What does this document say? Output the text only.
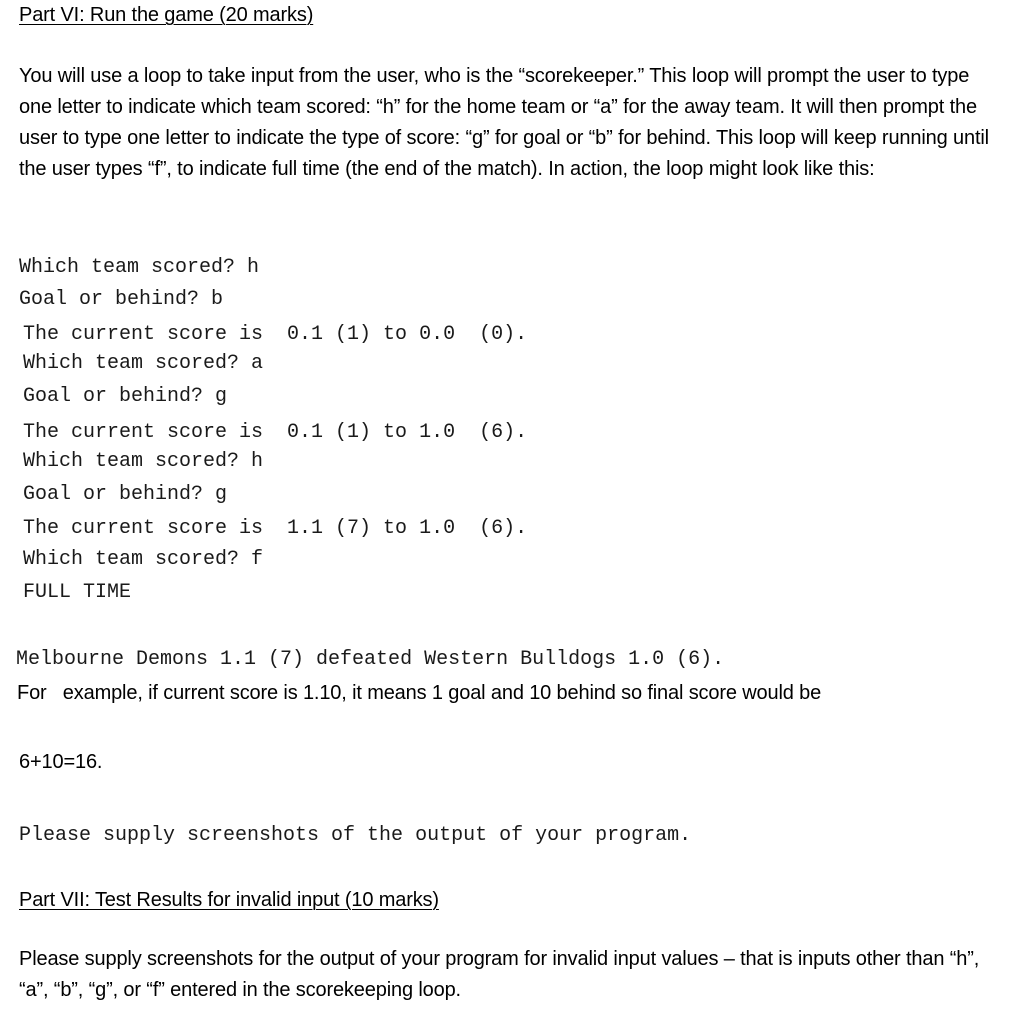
Part VI: Run the game (20 marks)
You will use a loop to take input from the user, who is the “scorekeeper.” This loop will prompt the user to type one letter to indicate which team scored: “h” for the home team or “a” for the away team. It will then prompt the user to type one letter to indicate the type of score: “g” for goal or “b” for behind. This loop will keep running until the user types “f”, to indicate full time (the end of the match). In action, the loop might look like this:
Which team scored? h
Goal or behind? b
The current score is  0.1 (1) to 0.0  (0).
Which team scored? a
Goal or behind? g
The current score is  0.1 (1) to 1.0  (6).
Which team scored? h
Goal or behind? g
The current score is  1.1 (7) to 1.0  (6).
Which team scored? f
FULL TIME
Melbourne Demons 1.1 (7) defeated Western Bulldogs 1.0 (6).
For   example, if current score is 1.10, it means 1 goal and 10 behind so final score would be
6+10=16.
Please supply screenshots of the output of your program.
Part VII: Test Results for invalid input (10 marks)
Please supply screenshots for the output of your program for invalid input values – that is inputs other than “h”, “a”, “b”, “g”, or “f” entered in the scorekeeping loop.
